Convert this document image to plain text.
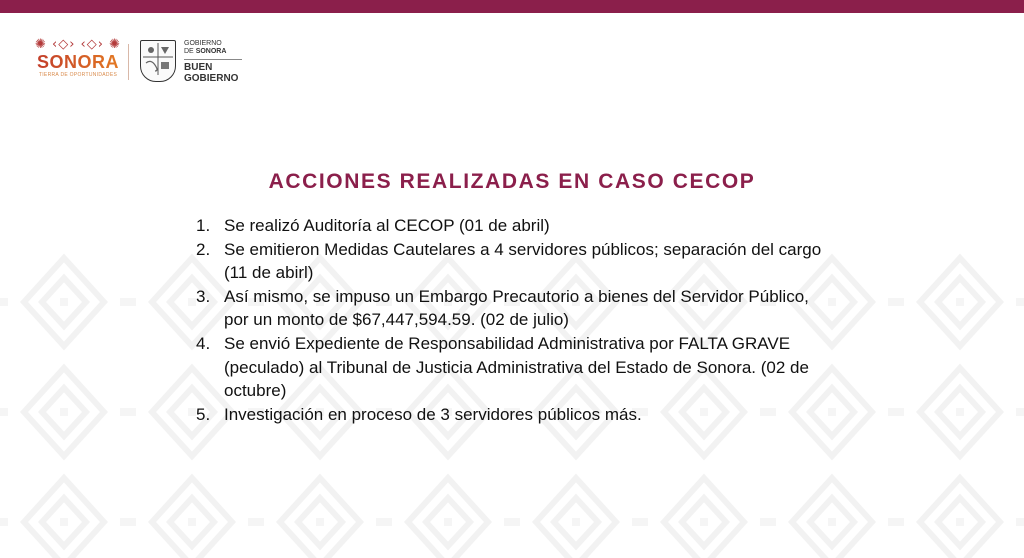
✺ ‹◇› ‹◇› ✺
SONORA
TIERRA DE OPORTUNIDADES
GOBIERNO
DE SONORA
BUEN
GOBIERNO
ACCIONES REALIZADAS EN CASO CECOP
1. Se realizó Auditoría al CECOP (01 de abril)
2. Se emitieron Medidas Cautelares a 4 servidores públicos; separación del cargo (11 de abirl)
3. Así mismo, se impuso un Embargo Precautorio a bienes del Servidor Público, por un monto de $67,447,594.59. (02 de julio)
4. Se envió Expediente de Responsabilidad Administrativa por FALTA GRAVE (peculado) al Tribunal de Justicia Administrativa del Estado de Sonora. (02 de octubre)
5. Investigación en proceso de 3 servidores públicos más.
